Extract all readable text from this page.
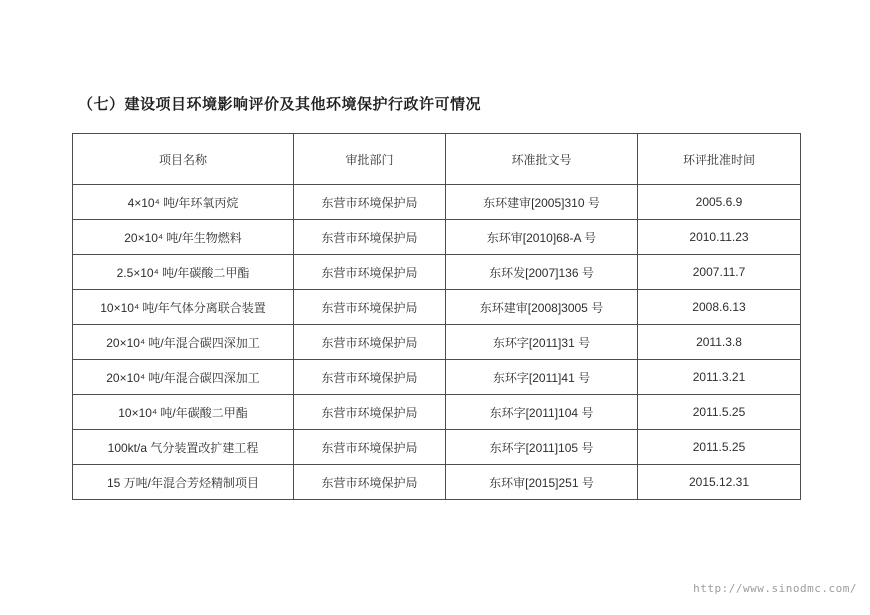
（七）建设项目环境影响评价及其他环境保护行政许可情况
项目名称	审批部门	环准批文号	环评批准时间
4×10⁴ 吨/年环氧丙烷	东营市环境保护局	东环建审[2005]310 号	2005.6.9
20×10⁴ 吨/年生物燃料	东营市环境保护局	东环审[2010]68-A 号	2010.11.23
2.5×10⁴ 吨/年碳酸二甲酯	东营市环境保护局	东环发[2007]136 号	2007.11.7
10×10⁴ 吨/年气体分离联合装置	东营市环境保护局	东环建审[2008]3005 号	2008.6.13
20×10⁴ 吨/年混合碳四深加工	东营市环境保护局	东环字[2011]31 号	2011.3.8
20×10⁴ 吨/年混合碳四深加工	东营市环境保护局	东环字[2011]41 号	2011.3.21
10×10⁴ 吨/年碳酸二甲酯	东营市环境保护局	东环字[2011]104 号	2011.5.25
100kt/a 气分装置改扩建工程	东营市环境保护局	东环字[2011]105 号	2011.5.25
15 万吨/年混合芳烃精制项目	东营市环境保护局	东环审[2015]251 号	2015.12.31
http://www.sinodmc.com/
